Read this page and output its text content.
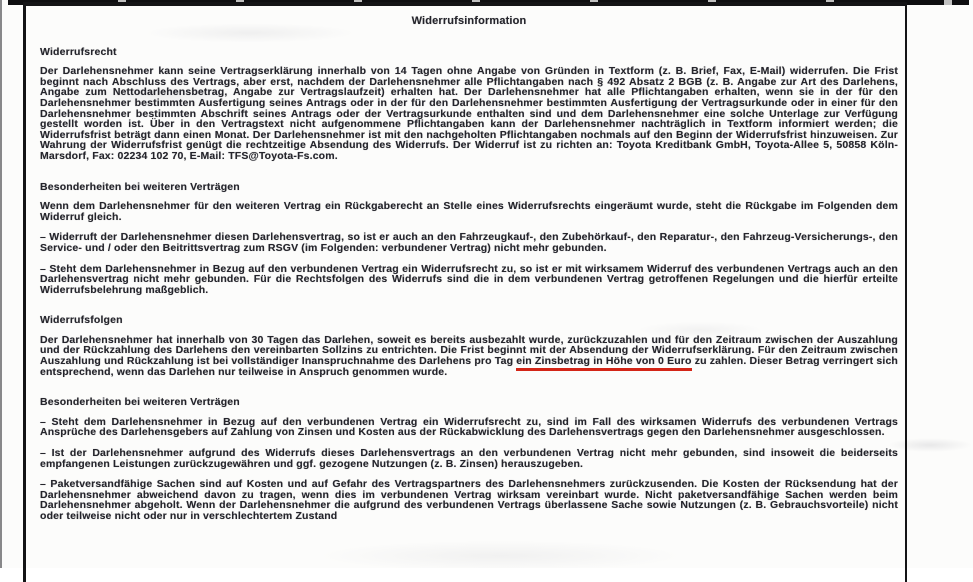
Widerrufsinformation
Widerrufsrecht

Der Darlehensnehmer kann seine Vertragserklärung innerhalb von 14 Tagen ohne Angabe von Gründen in Textform (z. B. Brief, Fax, E-Mail) widerrufen. Die Frist beginnt nach Abschluss des Vertrags, aber erst, nachdem der Darlehensnehmer alle Pflichtangaben nach § 492 Absatz 2 BGB (z. B. Angabe zur Art des Darlehens, Angabe zum Nettodarlehensbetrag, Angabe zur Vertragslaufzeit) erhalten hat. Der Darlehensnehmer hat alle Pflichtangaben erhalten, wenn sie in der für den Darlehensnehmer bestimmten Ausfertigung seines Antrags oder in der für den Darlehensnehmer bestimmten Ausfertigung der Vertragsurkunde oder in einer für den Darlehensnehmer bestimmten Abschrift seines Antrags oder der Vertragsurkunde enthalten sind und dem Darlehensnehmer eine solche Unterlage zur Verfügung gestellt worden ist. Über in den Vertragstext nicht aufgenommene Pflichtangaben kann der Darlehensnehmer nachträglich in Textform informiert werden; die Widerrufsfrist beträgt dann einen Monat. Der Darlehensnehmer ist mit den nachgeholten Pflichtangaben nochmals auf den Beginn der Widerrufsfrist hinzuweisen. Zur Wahrung der Widerrufsfrist genügt die rechtzeitige Absendung des Widerrufs. Der Widerruf ist zu richten an: Toyota Kreditbank GmbH, Toyota-Allee 5, 50858 Köln-Marsdorf, Fax: 02234 102 70, E-Mail: TFS@Toyota-Fs.com.

Besonderheiten bei weiteren Verträgen

Wenn dem Darlehensnehmer für den weiteren Vertrag ein Rückgaberecht an Stelle eines Widerrufsrechts eingeräumt wurde, steht die Rückgabe im Folgenden dem Widerruf gleich.

– Widerruft der Darlehensnehmer diesen Darlehensvertrag, so ist er auch an den Fahrzeugkauf-, den Zubehörkauf-, den Reparatur-, den Fahrzeug-Versicherungs-, den Service- und / oder den Beitrittsvertrag zum RSGV (im Folgenden: verbundener Vertrag) nicht mehr gebunden.

– Steht dem Darlehensnehmer in Bezug auf den verbundenen Vertrag ein Widerrufsrecht zu, so ist er mit wirksamem Widerruf des verbundenen Vertrags auch an den Darlehensvertrag nicht mehr gebunden. Für die Rechtsfolgen des Widerrufs sind die in dem verbundenen Vertrag getroffenen Regelungen und die hierfür erteilte Widerrufsbelehrung maßgeblich.

Widerrufsfolgen

Der Darlehensnehmer hat innerhalb von 30 Tagen das Darlehen, soweit es bereits ausbezahlt wurde, zurückzuzahlen und für den Zeitraum zwischen der Auszahlung und der Rückzahlung des Darlehens den vereinbarten Sollzins zu entrichten. Die Frist beginnt mit der Absendung der Widerrufserklärung. Für den Zeitraum zwischen Auszahlung und Rückzahlung ist bei vollständiger Inanspruchnahme des Darlehens pro Tag ein Zinsbetrag in Höhe von 0 Euro zu zahlen. Dieser Betrag verringert sich entsprechend, wenn das Darlehen nur teilweise in Anspruch genommen wurde.

Besonderheiten bei weiteren Verträgen

– Steht dem Darlehensnehmer in Bezug auf den verbundenen Vertrag ein Widerrufsrecht zu, sind im Fall des wirksamen Widerrufs des verbundenen Vertrags Ansprüche des Darlehensgebers auf Zahlung von Zinsen und Kosten aus der Rückabwicklung des Darlehensvertrags gegen den Darlehensnehmer ausgeschlossen.

– Ist der Darlehensnehmer aufgrund des Widerrufs dieses Darlehensvertrags an den verbundenen Vertrag nicht mehr gebunden, sind insoweit die beiderseits empfangenen Leistungen zurückzugewähren und ggf. gezogene Nutzungen (z. B. Zinsen) herauszugeben.

– Paketversandfähige Sachen sind auf Kosten und auf Gefahr des Vertragspartners des Darlehensnehmers zurückzusenden. Die Kosten der Rücksendung hat der Darlehensnehmer abweichend davon zu tragen, wenn dies im verbundenen Vertrag wirksam vereinbart wurde. Nicht paketversandfähige Sachen werden beim Darlehensnehmer abgeholt. Wenn der Darlehensnehmer die aufgrund des verbundenen Vertrags überlassene Sache sowie Nutzungen (z. B. Gebrauchsvorteile) nicht oder teilweise nicht oder nur in verschlechtertem Zustand
